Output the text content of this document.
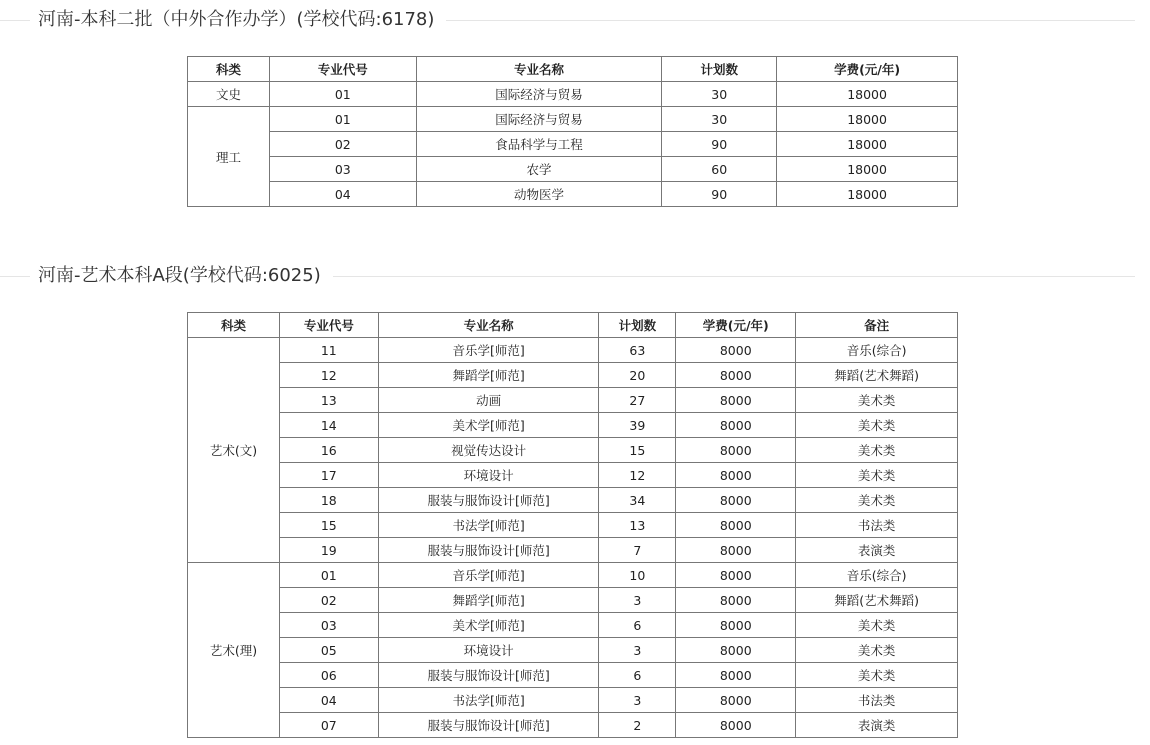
河南-本科二批（中外合作办学）(学校代码:6178)
科类	专业代号	专业名称	计划数	学费(元/年)
文史	01	国际经济与贸易	30	18000
理工	01	国际经济与贸易	30	18000
	02	食品科学与工程	90	18000
	03	农学	60	18000
	04	动物医学	90	18000
河南-艺术本科A段(学校代码:6025)
科类	专业代号	专业名称	计划数	学费(元/年)	备注
艺术(文)	11	音乐学[师范]	63	8000	音乐(综合)
	12	舞蹈学[师范]	20	8000	舞蹈(艺术舞蹈)
	13	动画	27	8000	美术类
	14	美术学[师范]	39	8000	美术类
	16	视觉传达设计	15	8000	美术类
	17	环境设计	12	8000	美术类
	18	服装与服饰设计[师范]	34	8000	美术类
	15	书法学[师范]	13	8000	书法类
	19	服装与服饰设计[师范]	7	8000	表演类
艺术(理)	01	音乐学[师范]	10	8000	音乐(综合)
	02	舞蹈学[师范]	3	8000	舞蹈(艺术舞蹈)
	03	美术学[师范]	6	8000	美术类
	05	环境设计	3	8000	美术类
	06	服装与服饰设计[师范]	6	8000	美术类
	04	书法学[师范]	3	8000	书法类
	07	服装与服饰设计[师范]	2	8000	表演类
